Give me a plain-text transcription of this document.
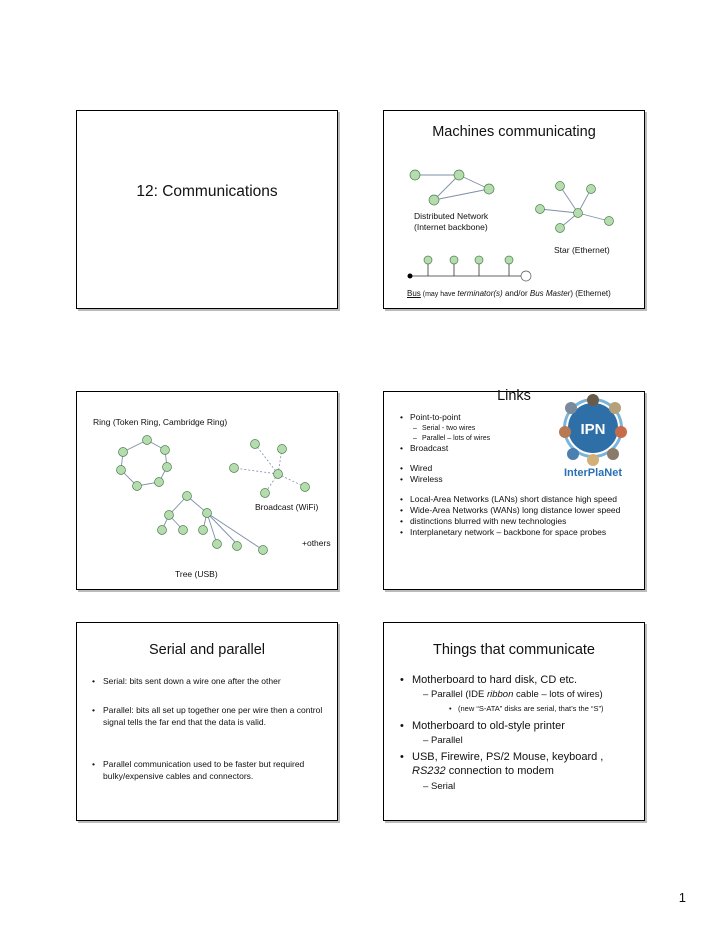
12: Communications
Machines communicating
Distributed Network
(Internet backbone)
Star (Ethernet)
Bus (may have terminator(s) and/or Bus Master) (Ethernet)
Ring (Token Ring, Cambridge Ring)
Broadcast (WiFi)
Tree (USB)
+others
Links
IPN
InterPlaNet
• Point-to-point
– Serial - two wires
– Parallel – lots of wires
• Broadcast
• Wired
• Wireless
• Local-Area Networks (LANs) short distance high speed
• Wide-Area Networks (WANs) long distance lower speed
• distinctions blurred with new technologies
• Interplanetary network – backbone for space probes
Serial and parallel
• Serial: bits sent down a wire one after the other
• Parallel: bits all set up together one per wire then a control signal tells the far end that the data is valid.
• Parallel communication used to be faster but required bulky/expensive cables and connectors.
Things that communicate
• Motherboard to hard disk, CD etc.
– Parallel (IDE ribbon cable – lots of wires)
• (new “S-ATA” disks are serial, that’s the “S”)
• Motherboard to old-style printer
– Parallel
• USB, Firewire, PS/2 Mouse, keyboard ,
RS232 connection to modem
– Serial
1
